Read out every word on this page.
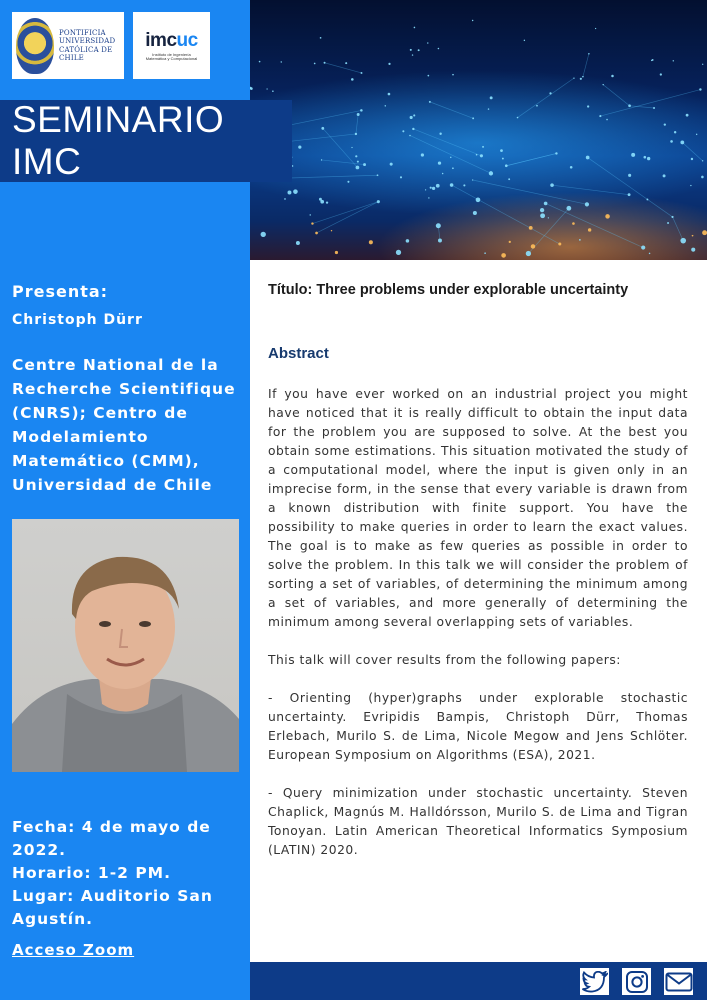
PONTIFICIA UNIVERSIDAD CATÓLICA DE CHILE
imcuc
Instituto de Ingeniería Matemática y Computacional
SEMINARIO IMC
Presenta:
Christoph Dürr
Centre National de la Recherche Scientifique (CNRS); Centro de Modelamiento Matemático (CMM), Universidad de Chile
Fecha: 4 de mayo de 2022.
Horario: 1-2 PM.
Lugar: Auditorio San Agustín.
Acceso Zoom
Título: Three problems under explorable uncertainty
Abstract

If you have ever worked on an industrial project you might have noticed that it is really difficult to obtain the input data for the problem you are supposed to solve. At the best you obtain some estimations. This situation motivated the study of a computational model, where the input is given only in an imprecise form, in the sense that every variable is drawn from a known distribution with finite support. You have the possibility to make queries in order to learn the exact values. The goal is to make as few queries as possible in order to solve the problem. In this talk we will consider the problem of sorting a set of variables, of determining the minimum among a set of variables, and more generally of determining the minimum among several overlapping sets of variables.

This talk will cover results from the following papers:

- Orienting (hyper)graphs under explorable stochastic uncertainty. Evripidis Bampis, Christoph Dürr, Thomas Erlebach, Murilo S. de Lima, Nicole Megow and Jens Schlöter. European Symposium on Algorithms (ESA), 2021.

- Query minimization under stochastic uncertainty. Steven Chaplick, Magnús M. Halldórsson, Murilo S. de Lima and Tigran Tonoyan. Latin American Theoretical Informatics Symposium (LATIN) 2020.
